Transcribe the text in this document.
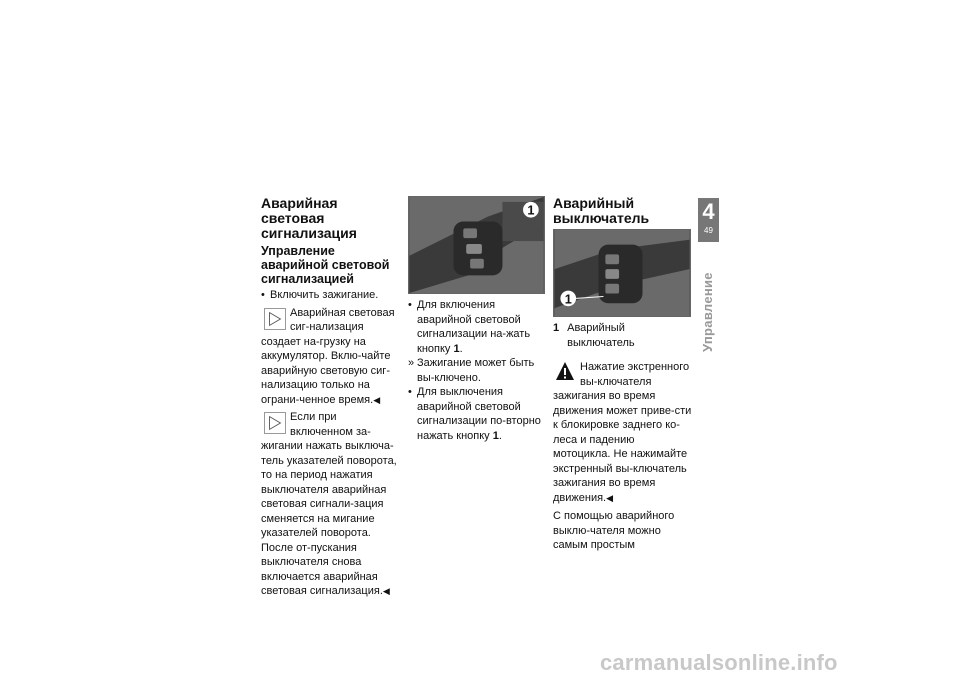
Аварийная световая сигнализация
Управление аварийной световой сигнализацией

• Включить зажигание.

Аварийная световая сиг-нализация создает на-грузку на аккумулятор. Вклю-чайте аварийную световую сиг-нализацию только на ограни-ченное время.◀
Если при включенном за-жигании нажать выключа-тель указателей поворота, то на период нажатия выключателя аварийная световая сигнали-зация сменяется на мигание указателей поворота. После от-пускания выключателя снова включается аварийная световая сигнализация.◀
1

• Для включения аварийной световой сигнализации на-жать кнопку 1.

» Зажигание может быть вы-ключено.

• Для выключения аварийной световой сигнализации по-вторно нажать кнопку 1.

Аварийный выключатель
1
1 Аварийный выключатель
Нажатие экстренного вы-ключателя зажигания во время движения может приве-сти к блокировке заднего ко-леса и падению мотоцикла. Не нажимайте экстренный вы-ключатель зажигания во время движения.◀

С помощью аварийного выклю-чателя можно самым простым

4
49
Управление
carmanualsonline.info
